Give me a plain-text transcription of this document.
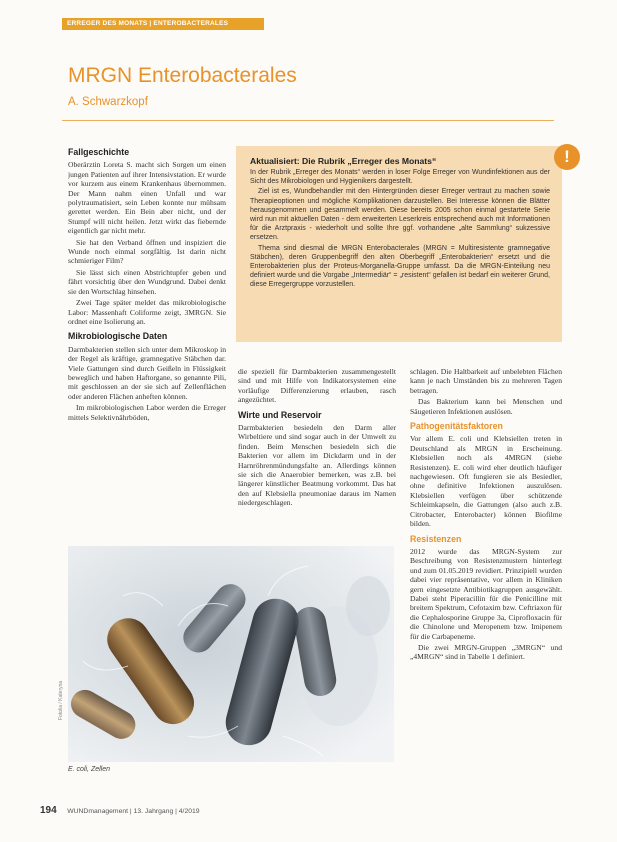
ERREGER DES MONATS | ENTEROBACTERALES
MRGN Enterobacterales
A. Schwarzkopf
Aktualisiert: Die Rubrik „Erreger des Monats“

In der Rubrik „Erreger des Monats“ werden in loser Folge Erreger von Wundinfektionen aus der Sicht des Mikrobiologen und Hygienikers dargestellt.

Ziel ist es, Wundbehandler mit den Hintergründen dieser Erreger vertraut zu machen sowie Therapieoptionen und mögliche Komplikationen darzustellen. Bei Interesse können die Blätter herausgenommen und gesammelt werden. Diese bereits 2005 schon einmal gestartete Serie wird nun mit aktuellen Daten - dem erweiterten Leserkreis entsprechend auch mit Informationen für die Arztpraxis - wiederholt und sollte Ihre ggf. vorhandene „alte Sammlung“ sukzessive ersetzen.

Thema sind diesmal die MRGN Enterobacterales (MRGN = Multiresistente gramnegative Stäbchen), deren Gruppenbegriff den alten Oberbegriff „Enterobakterien“ ersetzt und die Enterobakterien plus der Proteus-Morganella-Gruppe umfasst. Da die MRGN-Einteilung neu definiert wurde und die Vorgabe „Intermediär“ = „resistent“ gefallen ist bedarf ein weiterer Grund, diese Erregergruppe vorzustellen.

!
Fallgeschichte

Oberärztin Loreta S. macht sich Sorgen um einen jungen Patienten auf ihrer Intensivstation. Er wurde vor kurzem aus einem Krankenhaus übernommen. Der Mann nahm einen Unfall und war polytraumatisiert, sein Leben konnte nur mühsam gerettet werden. Ein Bein aber nicht, und der Stumpf will nicht heilen. Jetzt wirkt das fiebernde eigentlich gar nicht mehr.

Sie hat den Verband öffnen und inspiziert die Wunde noch einmal sorgfältig. Ist darin nicht schmieriger Film?

Sie lässt sich einen Abstrichtupfer geben und fährt vorsichtig über den Wundgrund. Dabei denkt sie den Wortschlag hinsehen.

Zwei Tage später meldet das mikrobiologische Labor: Massenhaft Coliforme zeigt, 3MRGN. Sie ordnet eine Isolierung an.

Mikrobiologische Daten

Darmbakterien stellen sich unter dem Mikroskop in der Regel als kräftige, gramnegative Stäbchen dar. Viele Gattungen sind durch Geißeln in Flüssigkeit beweglich und haben Haftorgane, so genannte Pili, mit geschlossen an der sie sich auf Zellenflächen oder anderen Flächen anheften können.

Im mikrobiologischen Labor werden die Erreger mittels Selektivnährböden,

die speziell für Darmbakterien zusammengestellt sind und mit Hilfe von Indikatorsystemen eine vorläufige Differenzierung erlauben, rasch angezüchtet.

Wirte und Reservoir

Darmbakterien besiedeln den Darm aller Wirbeltiere und sind sogar auch in der Umwelt zu finden. Beim Menschen besiedeln sich die Bakterien vor allem im Dickdarm und in der Harnröhrenmündungsfalte an. Allerdings können sie sich die Anaerobier bemerken, was z.B. bei längerer künstlicher Beatmung vorkommt. Das hat den auf Klebsiella pneumoniae daraus im Namen niedergeschlagen.

schlagen. Die Haltbarkeit auf unbelebten Flächen kann je nach Umständen bis zu mehreren Tagen betragen.

Das Bakterium kann bei Menschen und Säugetieren Infektionen auslösen.

Pathogenitätsfaktoren

Vor allem E. coli und Klebsiellen treten in Deutschland als MRGN in Erscheinung. Klebsiellen noch als 4MRGN (siehe Resistenzen). E. coli wird eher deutlich häufiger nachgewiesen. Oft fungieren sie als Besiedler, ohne definitive Infektionen auszulösen. Klebsiellen verfügen über schützende Schleimkapseln, die Gattungen (also auch z.B. Citrobacter, Enterobacter) können Biofilme bilden.

Resistenzen

2012 wurde das MRGN-System zur Beschreibung von Resistenzmustern hinterlegt und zum 01.05.2019 revidiert. Prinzipiell wurden dabei vier repräsentative, vor allem in Kliniken gern eingesetzte Antibiotikagruppen ausgewählt. Dabei steht Piperacillin für die Penicilline mit breitem Spektrum, Cefotaxim bzw. Ceftriaxon für die Cephalosporine Gruppe 3a, Ciprofloxacin für die Chinolone und Meropenem bzw. Imipenem für die Carbapeneme.

Die zwei MRGN-Gruppen „3MRGN“ und „4MRGN“ sind in Tabelle 1 definiert.

Fotolia / Kateryna
E. coli, Zellen
194 WUNDmanagement | 13. Jahrgang | 4/2019
